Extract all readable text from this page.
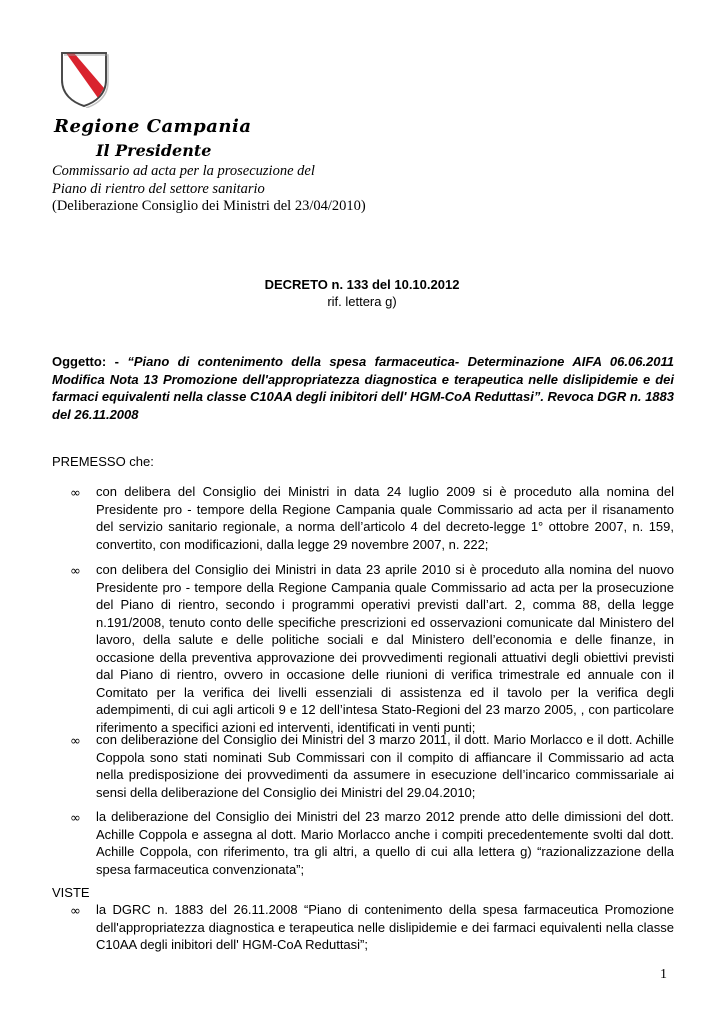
Regione Campania
Il Presidente
Commissario ad acta per la prosecuzione del
Piano di rientro del settore sanitario
(Deliberazione Consiglio dei Ministri del 23/04/2010)
DECRETO n. 133 del 10.10.2012
rif. lettera g)
Oggetto: - “Piano di contenimento della spesa farmaceutica- Determinazione AIFA 06.06.2011 Modifica Nota 13 Promozione dell'appropriatezza diagnostica e terapeutica nelle dislipidemie e dei farmaci equivalenti nella classe C10AA degli inibitori dell' HGM-CoA Reduttasi”. Revoca DGR n. 1883 del 26.11.2008
PREMESSO che:
∞ con delibera del Consiglio dei Ministri in data 24 luglio 2009 si è proceduto alla nomina del Presidente pro - tempore della Regione Campania quale Commissario ad acta per il risanamento del servizio sanitario regionale, a norma dell’articolo 4 del decreto-legge 1° ottobre 2007, n. 159, convertito, con modificazioni, dalla legge 29 novembre 2007, n. 222;
∞ con delibera del Consiglio dei Ministri in data 23 aprile 2010 si è proceduto alla nomina del nuovo Presidente pro - tempore della Regione Campania quale Commissario ad acta per la prosecuzione del Piano di rientro, secondo i programmi operativi previsti dall’art. 2, comma 88, della legge n.191/2008, tenuto conto delle specifiche prescrizioni ed osservazioni comunicate dal Ministero del lavoro, della salute e delle politiche sociali e dal Ministero dell’economia e delle finanze, in occasione della preventiva approvazione dei provvedimenti regionali attuativi degli obiettivi previsti dal Piano di rientro, ovvero in occasione delle riunioni di verifica trimestrale ed annuale con il Comitato per la verifica dei livelli essenziali di assistenza ed il tavolo per la verifica degli adempimenti, di cui agli articoli 9 e 12 dell’intesa Stato-Regioni del 23 marzo 2005, , con particolare riferimento a specifici azioni ed interventi, identificati in venti punti;
∞ con deliberazione del Consiglio dei Ministri del 3 marzo 2011, il dott. Mario Morlacco e il dott. Achille Coppola sono stati nominati Sub Commissari con il compito di affiancare il Commissario ad acta nella predisposizione dei provvedimenti da assumere in esecuzione dell’incarico commissariale ai sensi della deliberazione del Consiglio dei Ministri del 29.04.2010;
∞ la deliberazione del Consiglio dei Ministri del 23 marzo 2012 prende atto delle dimissioni del dott. Achille Coppola e assegna al dott. Mario Morlacco anche i compiti precedentemente svolti dal dott. Achille Coppola, con riferimento, tra gli altri, a quello di cui alla lettera g) “razionalizzazione della spesa farmaceutica convenzionata”;
VISTE
∞ la DGRC n. 1883 del 26.11.2008 “Piano di contenimento della spesa farmaceutica Promozione dell'appropriatezza diagnostica e terapeutica nelle dislipidemie e dei farmaci equivalenti nella classe C10AA degli inibitori dell' HGM-CoA Reduttasi”;
1
